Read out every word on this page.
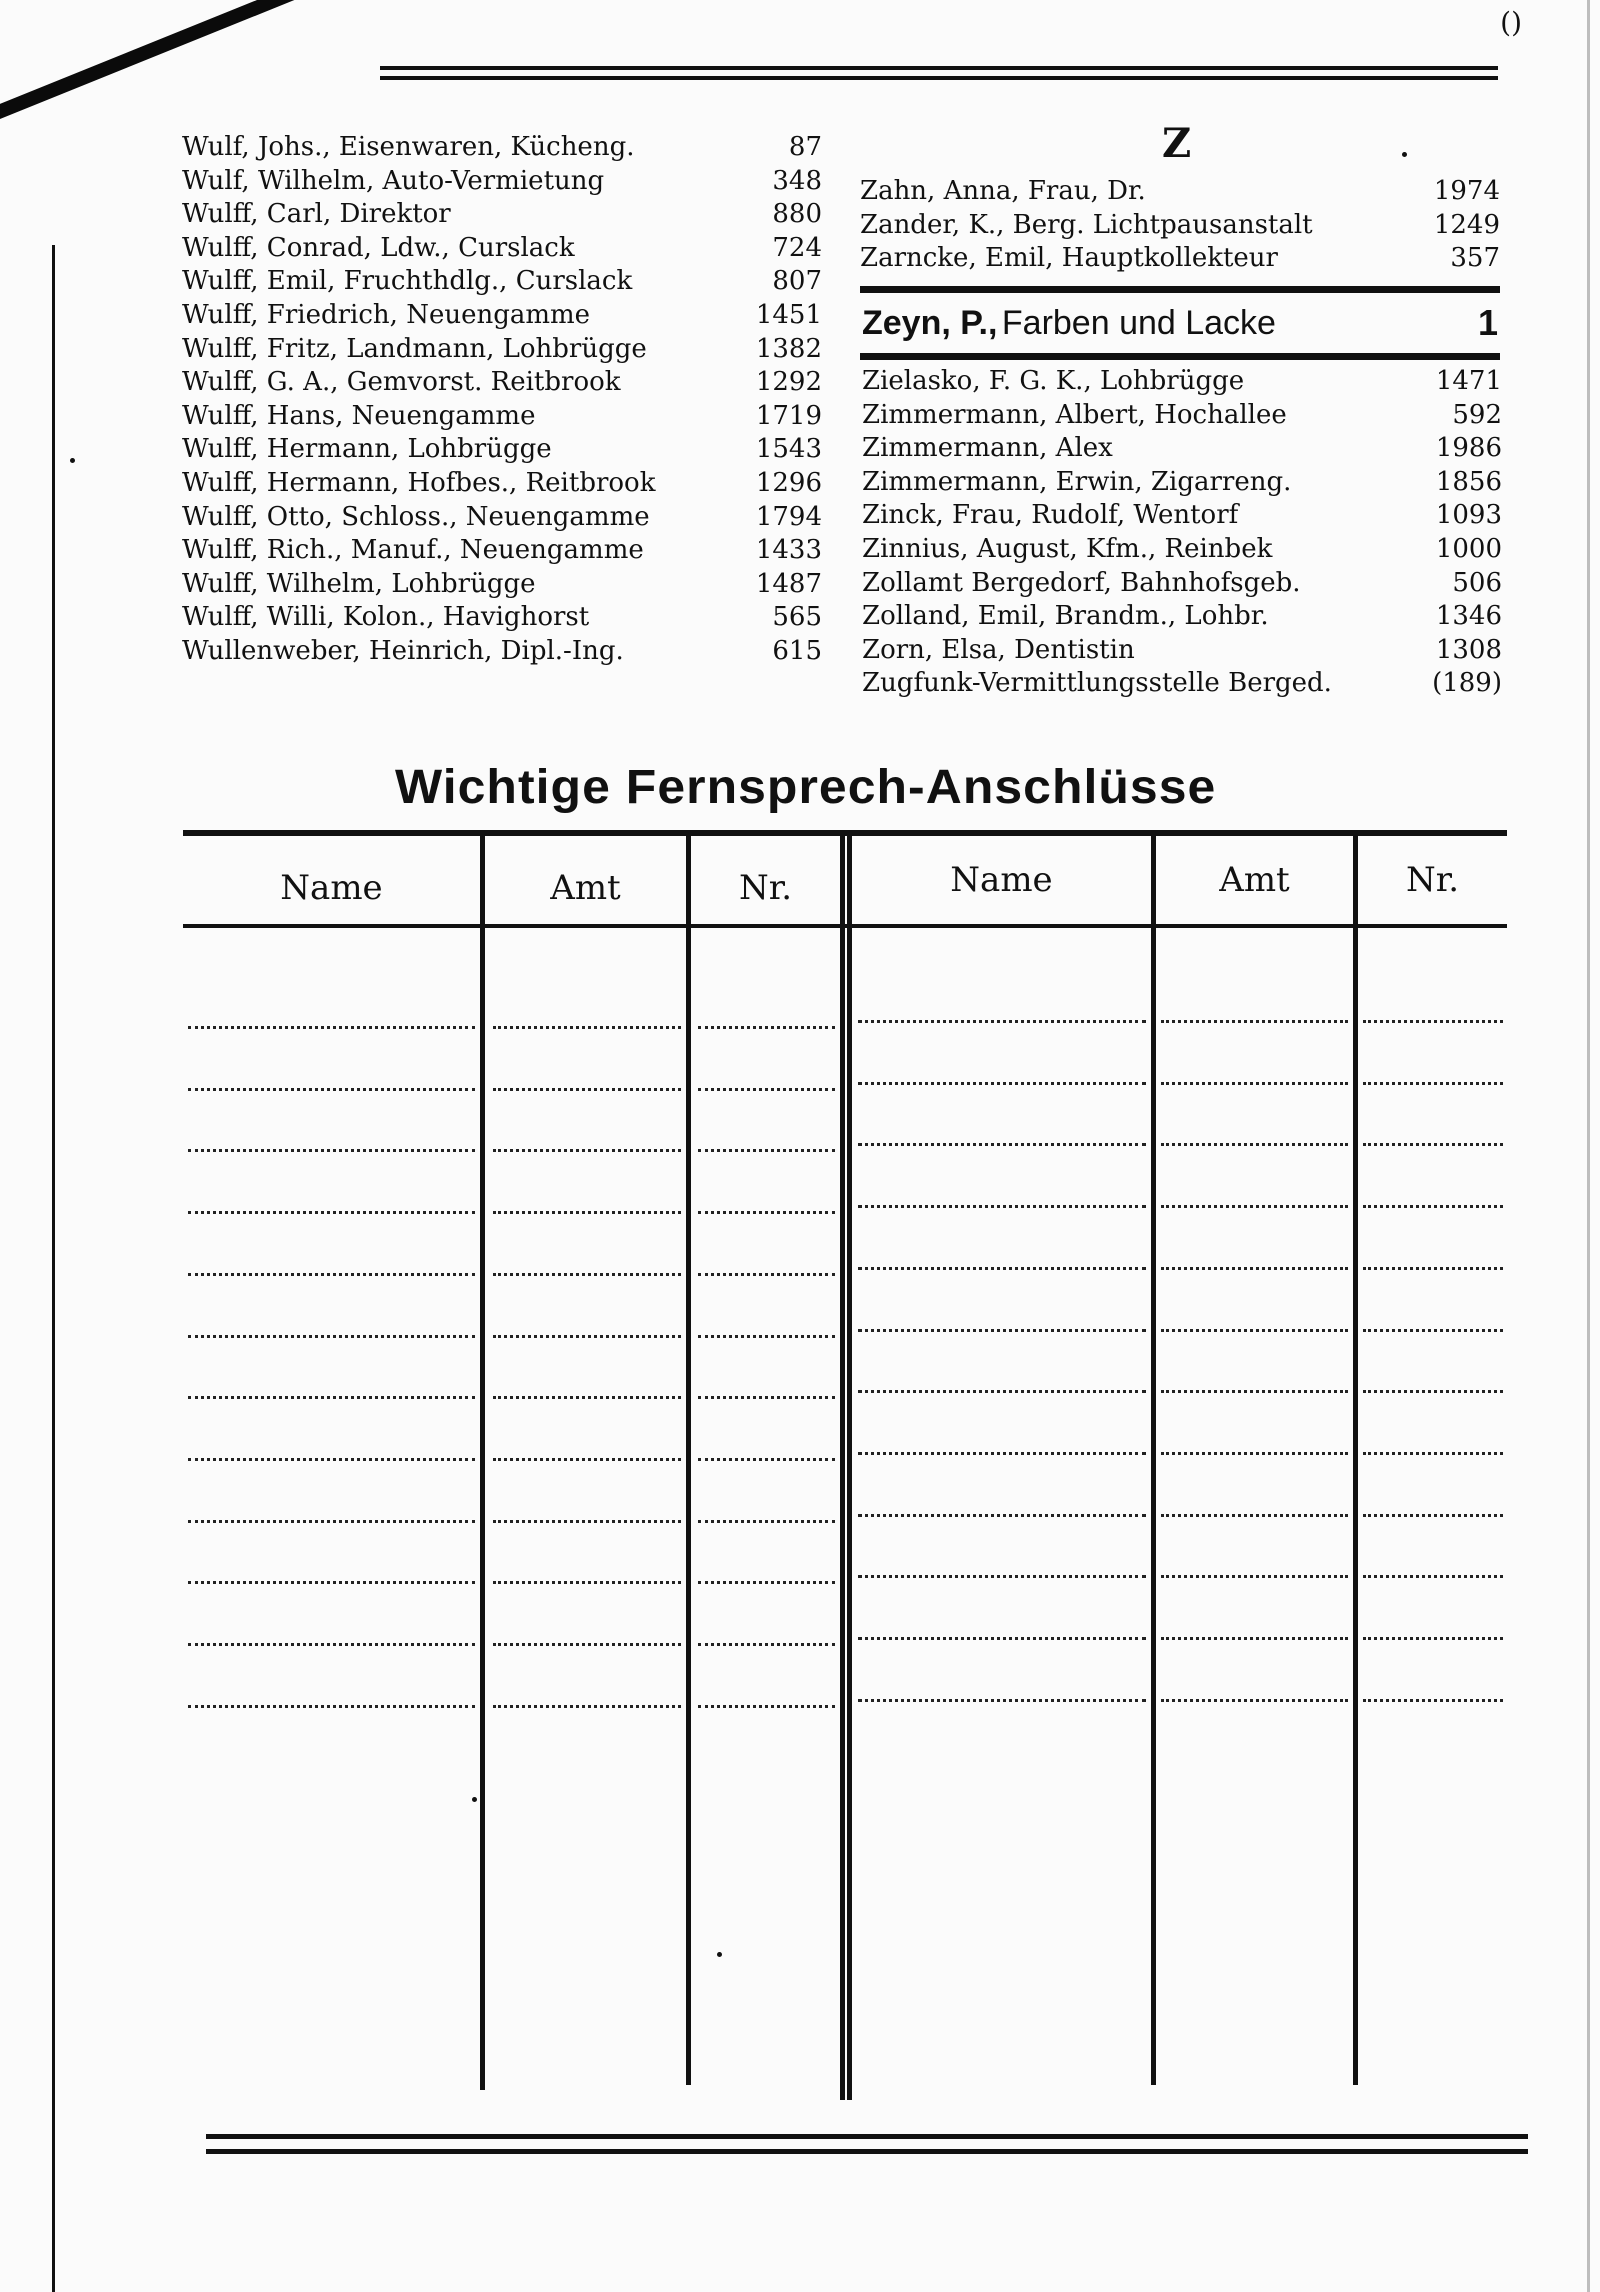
()
Wulf, Johs., Eisenwaren, Kücheng.	87
Wulf, Wilhelm, Auto-Vermietung	348
Wulff, Carl, Direktor	880
Wulff, Conrad, Ldw., Curslack	724
Wulff, Emil, Fruchthdlg., Curslack	807
Wulff, Friedrich, Neuengamme	1451
Wulff, Fritz, Landmann, Lohbrügge	1382
Wulff, G. A., Gemvorst. Reitbrook	1292
Wulff, Hans, Neuengamme	1719
Wulff, Hermann, Lohbrügge	1543
Wulff, Hermann, Hofbes., Reitbrook	1296
Wulff, Otto, Schloss., Neuengamme	1794
Wulff, Rich., Manuf., Neuengamme	1433
Wulff, Wilhelm, Lohbrügge	1487
Wulff, Willi, Kolon., Havighorst	565
Wullenweber, Heinrich, Dipl.-Ing.	615
Z
Zahn, Anna, Frau, Dr.	1974
Zander, K., Berg. Lichtpausanstalt	1249
Zarncke, Emil, Hauptkollekteur	357
Zeyn, P., Farben und Lacke	1
Zielasko, F. G. K., Lohbrügge	1471
Zimmermann, Albert, Hochallee	592
Zimmermann, Alex	1986
Zimmermann, Erwin, Zigarreng.	1856
Zinck, Frau, Rudolf, Wentorf	1093
Zinnius, August, Kfm., Reinbek	1000
Zollamt Bergedorf, Bahnhofsgeb.	506
Zolland, Emil, Brandm., Lohbr.	1346
Zorn, Elsa, Dentistin	1308
Zugfunk-Vermittlungsstelle Berged.	(189)
Wichtige Fernsprech-Anschlüsse
Name	Amt	Nr.	Name	Amt	Nr.
